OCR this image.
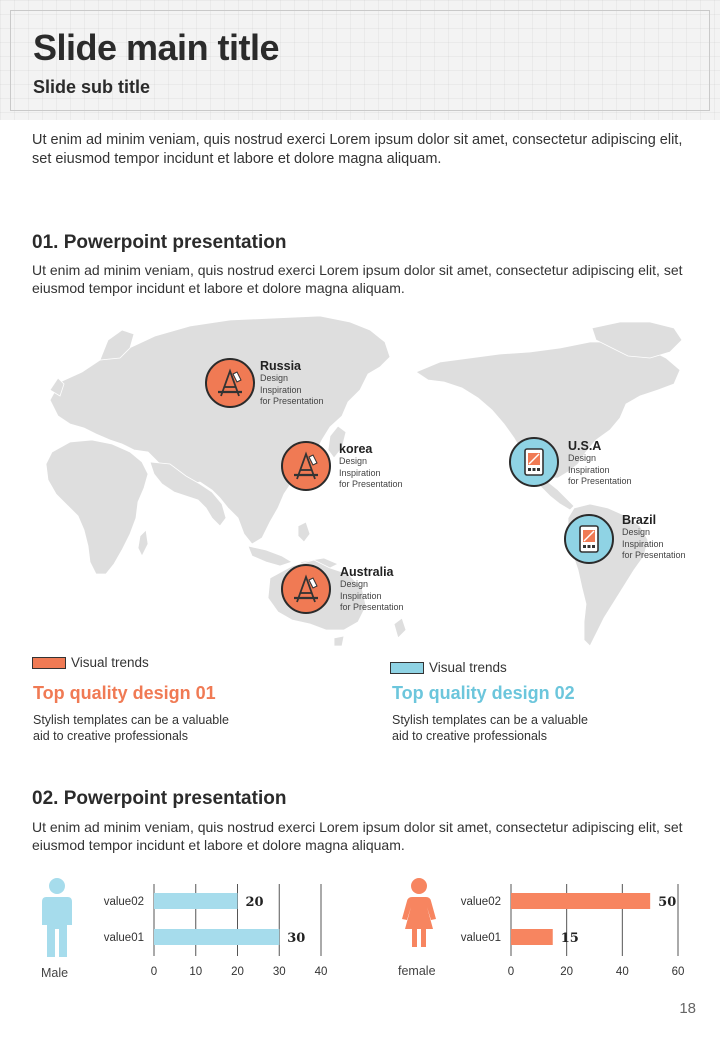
Slide main title
Slide sub title
Ut enim ad minim veniam, quis nostrud exerci Lorem ipsum dolor sit amet, consectetur adipiscing elit, set eiusmod tempor incidunt et labore et dolore magna aliquam.
01. Powerpoint presentation
Ut enim ad minim veniam, quis nostrud exerci Lorem ipsum dolor sit amet, consectetur adipiscing elit, set eiusmod tempor incidunt et labore et dolore magna aliquam.
Russia
Design
Inspiration
for Presentation
korea
Design
Inspiration
for Presentation
U.S.A
Design
Inspiration
for Presentation
Brazil
Design
Inspiration
for Presentation
Australia
Design
Inspiration
for Presentation
Visual trends
Top quality design 01
Stylish templates can be a valuable
aid to creative professionals
Visual trends
Top quality design 02
Stylish templates can be a valuable
aid to creative professionals
02. Powerpoint presentation
Ut enim ad minim veniam, quis nostrud exerci Lorem ipsum dolor sit amet, consectetur adipiscing elit, set eiusmod tempor incidunt et labore et dolore magna aliquam.
Male	female
0	10	20	30	40
value02	20
value01	30
0	20	40	60
value02	50
value01	15
18
